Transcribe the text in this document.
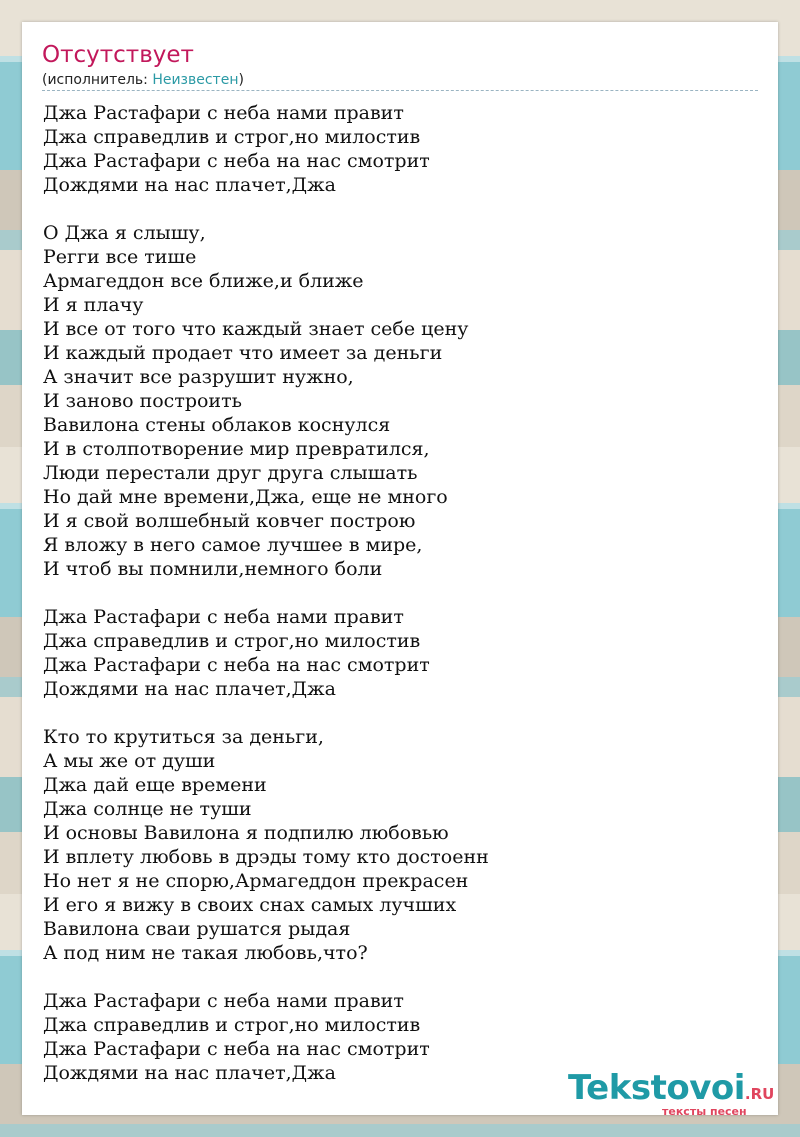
Отсутствует
(исполнитель: Неизвестен)
Джа Растафари с неба нами правит
Джа справедлив и строг,но милостив
Джа Растафари с неба на нас смотрит
Дождями на нас плачет,Джа
О Джа я слышу,
Регги все тише
Армагеддон все ближе,и ближе
И я плачу
И все от того что каждый знает себе цену
И каждый продает что имеет за деньги
А значит все разрушит нужно,
И заново построить
Вавилона стены облаков коснулся
И в столпотворение мир превратился,
Люди перестали друг друга слышать
Но дай мне времени,Джа, еще не много
И я свой волшебный ковчег построю
Я вложу в него самое лучшее в мире,
И чтоб вы помнили,немного боли
Джа Растафари с неба нами правит
Джа справедлив и строг,но милостив
Джа Растафари с неба на нас смотрит
Дождями на нас плачет,Джа
Кто то крутиться за деньги,
А мы же от души
Джа дай еще времени
Джа солнце не туши
И основы Вавилона я подпилю любовью
И вплету любовь в дрэды тому кто достоенн
Но нет я не спорю,Армагеддон прекрасен
И его я вижу в своих снах самых лучших
Вавилона сваи рушатся рыдая
А под ним не такая любовь,что?
Джа Растафари с неба нами правит
Джа справедлив и строг,но милостив
Джа Растафари с неба на нас смотрит
Дождями на нас плачет,Джа	Tekstovoi.RU
тексты песен
